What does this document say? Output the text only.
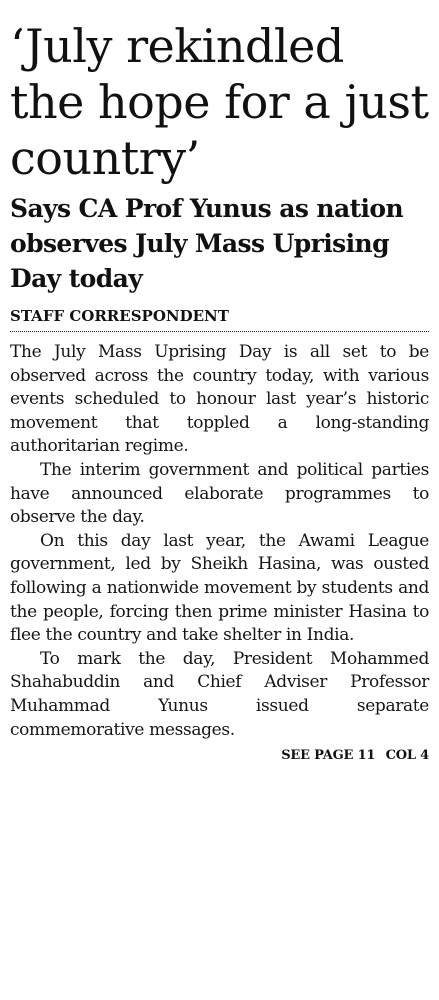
‘July rekindled the hope for a just country’
Says CA Prof Yunus as nation observes July Mass Uprising Day today
STAFF CORRESPONDENT

The July Mass Uprising Day is all set to be observed across the country today, with various events scheduled to honour last year’s historic movement that toppled a long-standing authoritarian regime.

The interim government and political parties have announced elaborate programmes to observe the day.

On this day last year, the Awami League government, led by Sheikh Hasina, was ousted following a nationwide movement by students and the people, forcing then prime minister Hasina to flee the country and take shelter in India.

To mark the day, President Mohammed Shahabuddin and Chief Adviser Professor Muhammad Yunus issued separate commemorative messages.

SEE PAGE 11 COL 4
